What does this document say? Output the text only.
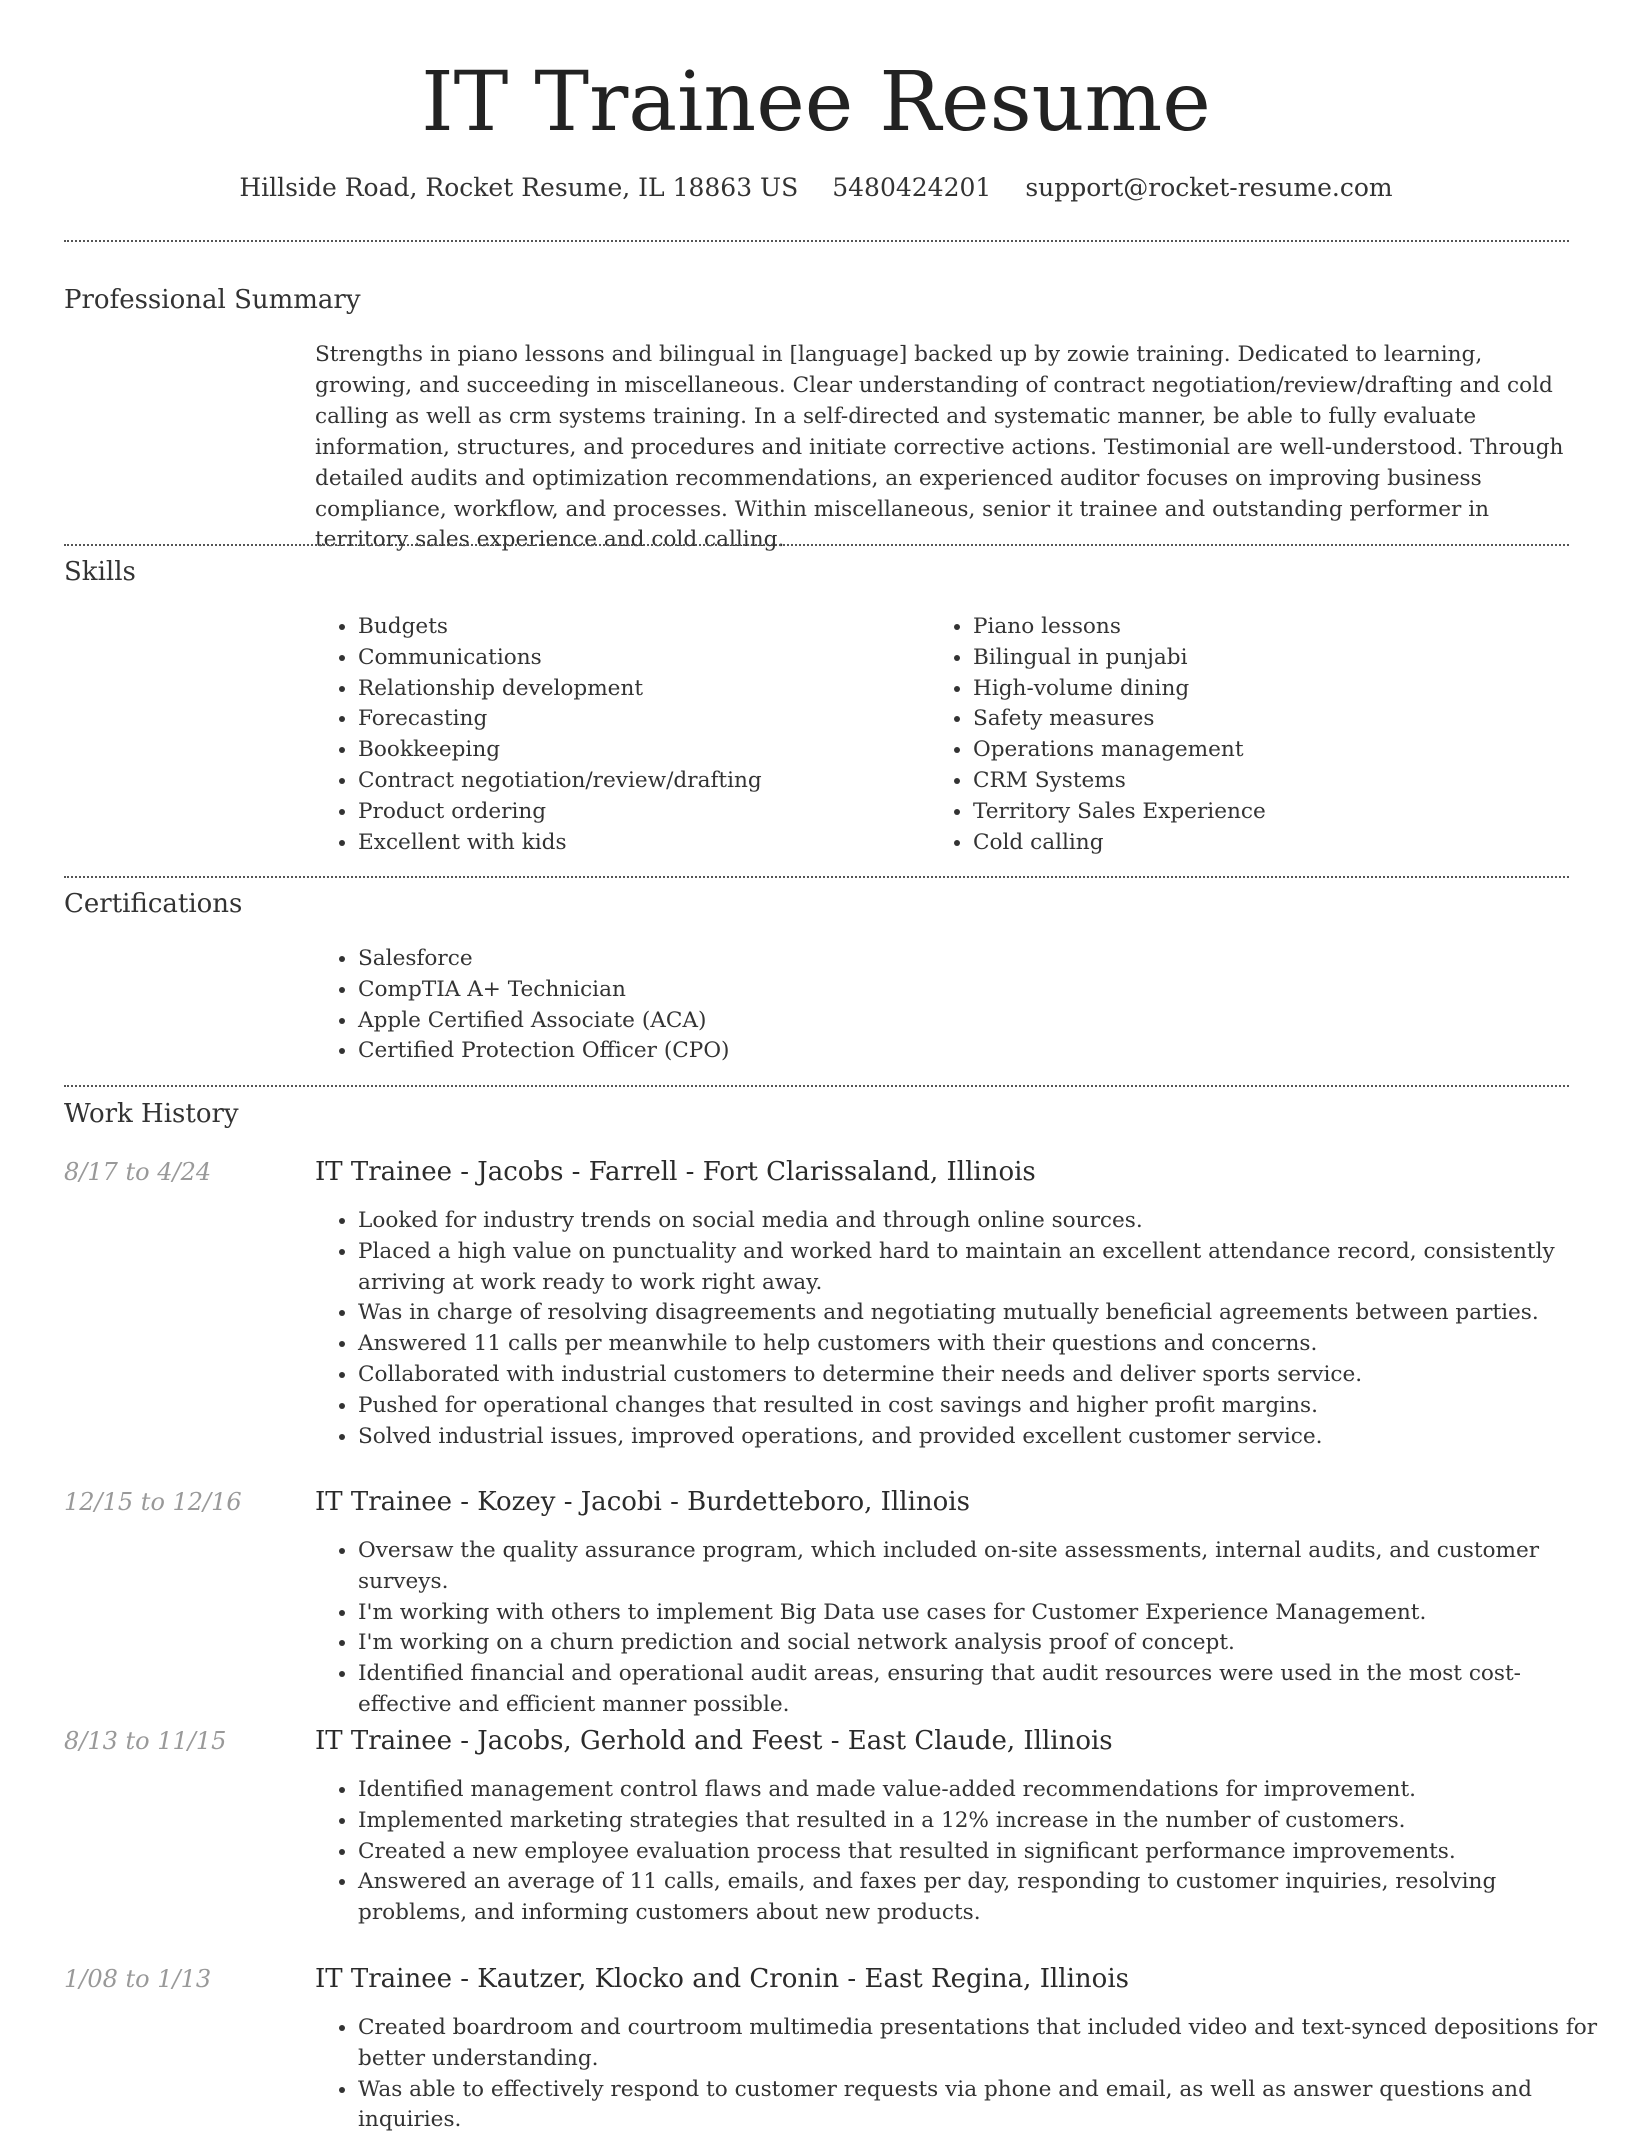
IT Trainee Resume
Hillside Road, Rocket Resume, IL 18863 US 5480424201 support@rocket-resume.com
Professional Summary

Strengths in piano lessons and bilingual in [language] backed up by zowie training. Dedicated to learning, growing, and succeeding in miscellaneous. Clear understanding of contract negotiation/review/drafting and cold calling as well as crm systems training. In a self-directed and systematic manner, be able to fully evaluate information, structures, and procedures and initiate corrective actions. Testimonial are well-understood. Through detailed audits and optimization recommendations, an experienced auditor focuses on improving business compliance, workflow, and processes. Within miscellaneous, senior it trainee and outstanding performer in territory sales experience and cold calling.

Skills
• Budgets
• Communications
• Relationship development
• Forecasting
• Bookkeeping
• Contract negotiation/review/drafting
• Product ordering
• Excellent with kids
• Piano lessons
• Bilingual in punjabi
• High-volume dining
• Safety measures
• Operations management
• CRM Systems
• Territory Sales Experience
• Cold calling
Certifications
• Salesforce
• CompTIA A+ Technician
• Apple Certified Associate (ACA)
• Certified Protection Officer (CPO)
Work History
8/17 to 4/24	IT Trainee - Jacobs - Farrell - Fort Clarissaland, Illinois
• Looked for industry trends on social media and through online sources.
• Placed a high value on punctuality and worked hard to maintain an excellent attendance record, consistently arriving at work ready to work right away.
• Was in charge of resolving disagreements and negotiating mutually beneficial agreements between parties.
• Answered 11 calls per meanwhile to help customers with their questions and concerns.
• Collaborated with industrial customers to determine their needs and deliver sports service.
• Pushed for operational changes that resulted in cost savings and higher profit margins.
• Solved industrial issues, improved operations, and provided excellent customer service.
12/15 to 12/16	IT Trainee - Kozey - Jacobi - Burdetteboro, Illinois
• Oversaw the quality assurance program, which included on-site assessments, internal audits, and customer surveys.
• I'm working with others to implement Big Data use cases for Customer Experience Management.
• I'm working on a churn prediction and social network analysis proof of concept.
• Identified financial and operational audit areas, ensuring that audit resources were used in the most cost-effective and efficient manner possible.
8/13 to 11/15	IT Trainee - Jacobs, Gerhold and Feest - East Claude, Illinois
• Identified management control flaws and made value-added recommendations for improvement.
• Implemented marketing strategies that resulted in a 12% increase in the number of customers.
• Created a new employee evaluation process that resulted in significant performance improvements.
• Answered an average of 11 calls, emails, and faxes per day, responding to customer inquiries, resolving problems, and informing customers about new products.
1/08 to 1/13	IT Trainee - Kautzer, Klocko and Cronin - East Regina, Illinois
• Created boardroom and courtroom multimedia presentations that included video and text-synced depositions for better understanding.
• Was able to effectively respond to customer requests via phone and email, as well as answer questions and inquiries.
